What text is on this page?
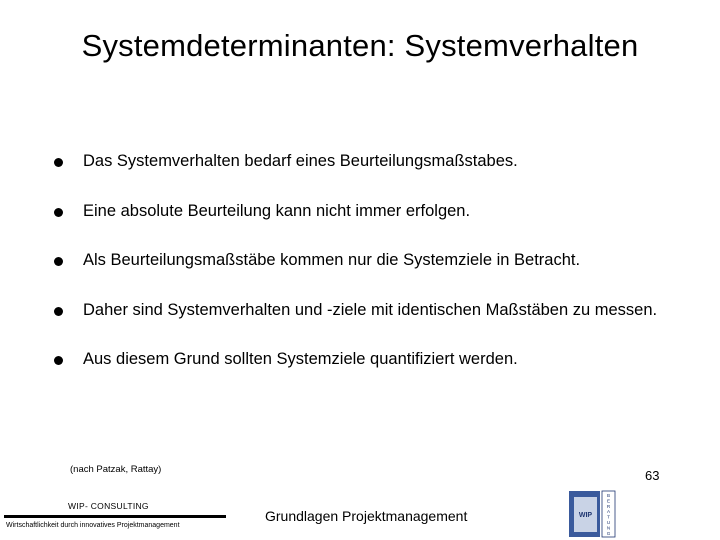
Systemdeterminanten: Systemverhalten
Das Systemverhalten bedarf eines Beurteilungsmaßstabes.
Eine absolute Beurteilung kann nicht immer erfolgen.
Als Beurteilungsmaßstäbe kommen nur die Systemziele in Betracht.
Daher sind Systemverhalten und -ziele mit identischen Maßstäben zu messen.
Aus diesem Grund sollten Systemziele quantifiziert werden.
(nach Patzak, Rattay)
WIP- CONSULTING
Wirtschaftlichkeit durch innovatives Projektmanagement
Grundlagen Projektmanagement	WIP
B
E
R
A
T
U
N
G
63
